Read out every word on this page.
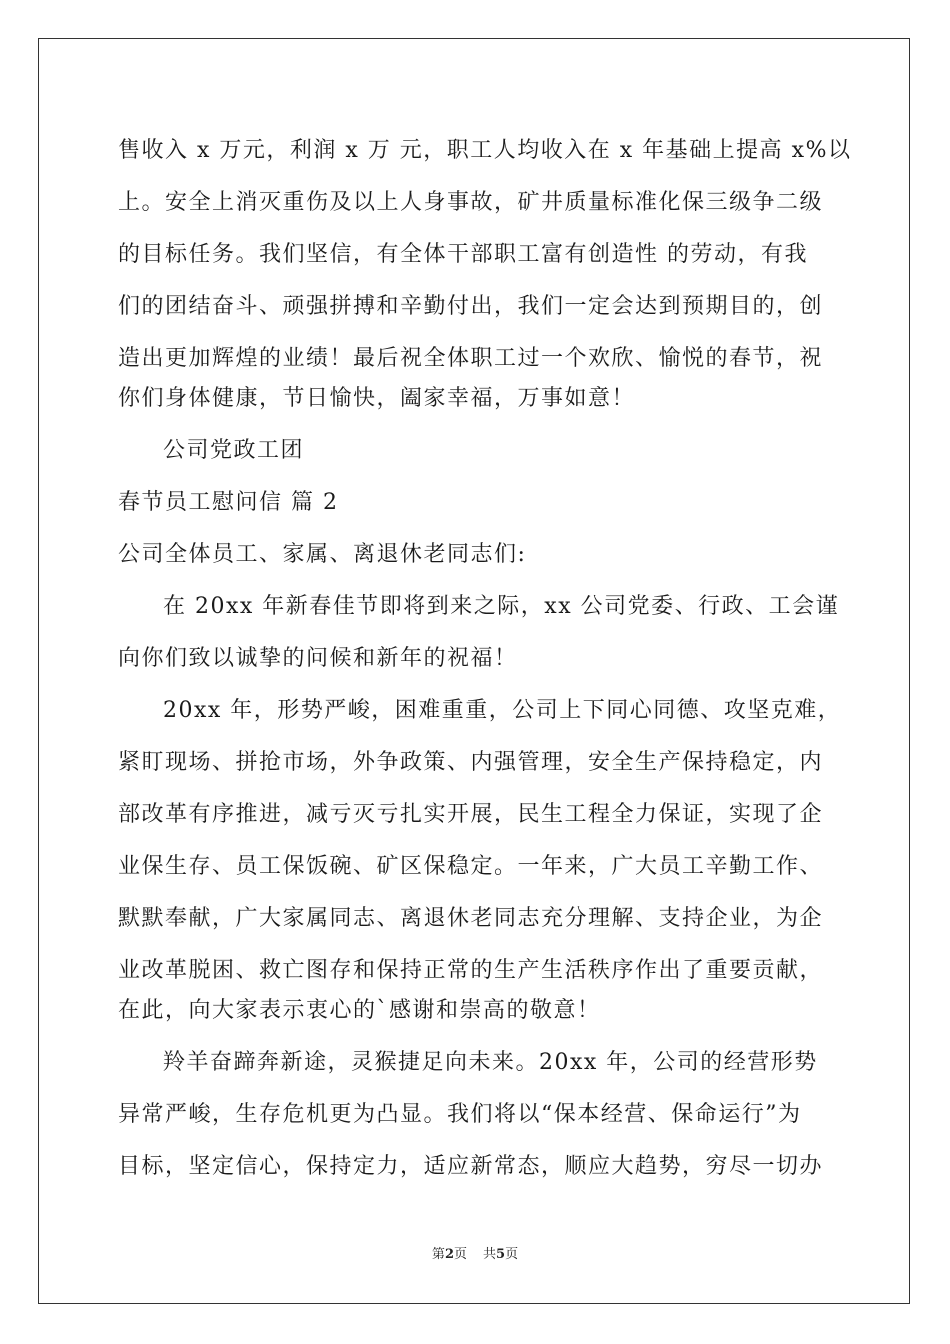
售收入 x 万元，利润 x 万 元，职工人均收入在 x 年基础上提高 x%以
上。安全上消灭重伤及以上人身事故，矿井质量标准化保三级争二级
的目标任务。我们坚信，有全体干部职工富有创造性 的劳动，有我
们的团结奋斗、顽强拼搏和辛勤付出，我们一定会达到预期目的，创
造出更加辉煌的业绩！最后祝全体职工过一个欢欣、愉悦的春节，祝
你们身体健康，节日愉快，阖家幸福，万事如意！
公司党政工团
春节员工慰问信 篇 2
公司全体员工、家属、离退休老同志们:
在 20xx 年新春佳节即将到来之际，xx 公司党委、行政、工会谨
向你们致以诚挚的问候和新年的祝福！
20xx 年，形势严峻，困难重重，公司上下同心同德、攻坚克难，
紧盯现场、拼抢市场，外争政策、内强管理，安全生产保持稳定，内
部改革有序推进，减亏灭亏扎实开展，民生工程全力保证，实现了企
业保生存、员工保饭碗、矿区保稳定。一年来，广大员工辛勤工作、
默默奉献，广大家属同志、离退休老同志充分理解、支持企业，为企
业改革脱困、救亡图存和保持正常的生产生活秩序作出了重要贡献，
在此，向大家表示衷心的`感谢和崇高的敬意！
羚羊奋蹄奔新途，灵猴捷足向未来。20xx 年，公司的经营形势
异常严峻，生存危机更为凸显。我们将以“保本经营、保命运行”为
目标，坚定信心，保持定力，适应新常态，顺应大趋势，穷尽一切办
第2页 共5页
